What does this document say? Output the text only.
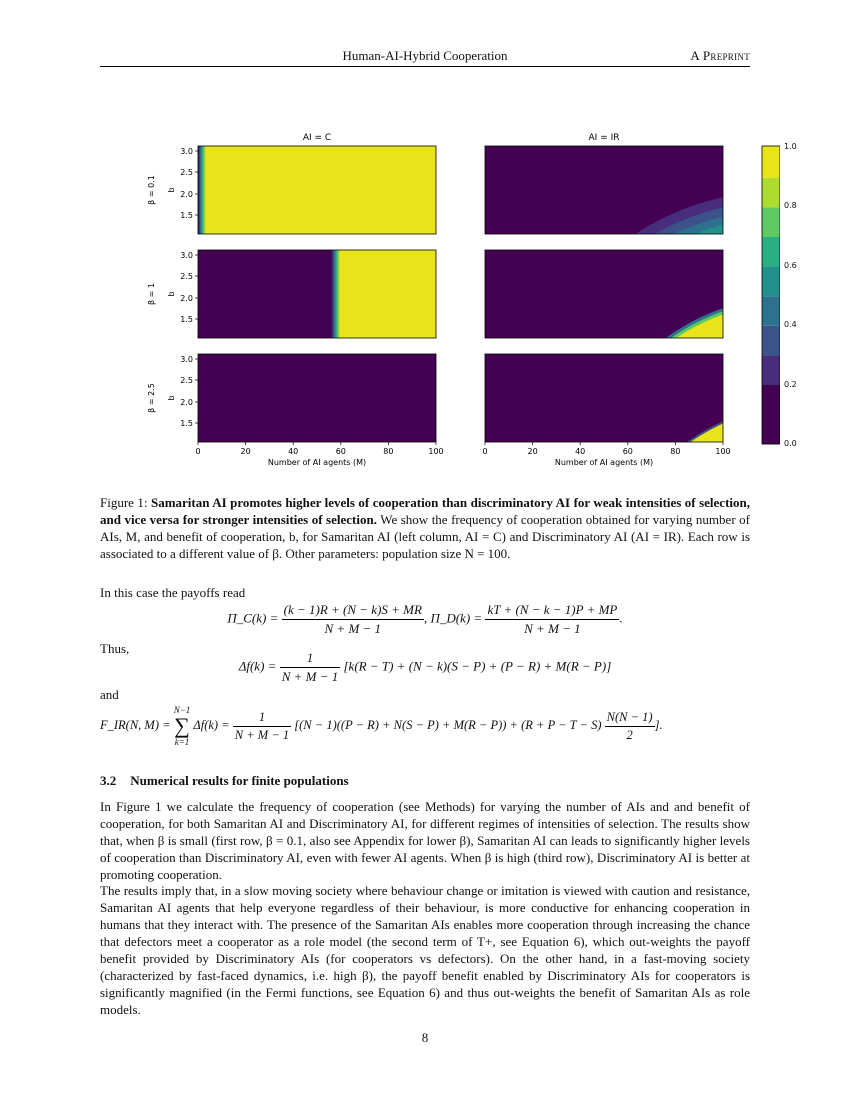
Human-AI-Hybrid Cooperation	A Preprint
AI = C	AI = IR
β = 0.1
β = 1
β = 2.5
b
b
b
3.0
2.5
2.0
1.5
3.0
2.5
2.0
1.5
3.0
2.5
2.0
1.5
0	20	40	60	80	100
Number of AI agents (M)
0	20	40	60	80	100
Number of AI agents (M)
1.0
0.8
0.6
0.4
0.2
0.0
Figure 1: Samaritan AI promotes higher levels of cooperation than discriminatory AI for weak intensities of selection, and vice versa for stronger intensities of selection. We show the frequency of cooperation obtained for varying number of AIs, M, and benefit of cooperation, b, for Samaritan AI (left column, AI = C) and Discriminatory AI (AI = IR). Each row is associated to a different value of β. Other parameters: population size N = 100.
In this case the payoffs read
Π_C(k) = $\frac{(k - 1)R + (N - k)S + MR}{N + M - 1}$ , Π_D(k) = $\frac{kT + (N - k - 1)P + MP}{N + M - 1}$ .
Thus,
$\Delta f(k) = \frac{1}{N + M - 1} [k(R - T) + (N - k)(S - P) + (P - R) + M(R - P)]$
and
F_IR(N, M) =
N−1
∑
k=1
$\Delta f(k) = \frac{1}{N + M - 1} [(N - 1)((P - R) + N(S - P) + M(R - P)) + (R + P - T - S) \frac{N(N - 1)}{2}$ ].
3.2 Numerical results for finite populations
In Figure 1 we calculate the frequency of cooperation (see Methods) for varying the number of AIs and and benefit of cooperation, for both Samaritan AI and Discriminatory AI, for different regimes of intensities of selection. The results show that, when β is small (first row, β = 0.1, also see Appendix for lower β), Samaritan AI can leads to significantly higher levels of cooperation than Discriminatory AI, even with fewer AI agents. When β is high (third row), Discriminatory AI is better at promoting cooperation.
The results imply that, in a slow moving society where behaviour change or imitation is viewed with caution and resistance, Samaritan AI agents that help everyone regardless of their behaviour, is more conductive for enhancing cooperation in humans that they interact with. The presence of the Samaritan AIs enables more cooperation through increasing the chance that defectors meet a cooperator as a role model (the second term of T+, see Equation 6), which out-weights the payoff benefit provided by Discriminatory AIs (for cooperators vs defectors). On the other hand, in a fast-moving society (characterized by fast-faced dynamics, i.e. high β), the payoff benefit enabled by Discriminatory AIs for cooperators is significantly magnified (in the Fermi functions, see Equation 6) and thus out-weights the benefit of Samaritan AIs as role models.
8
